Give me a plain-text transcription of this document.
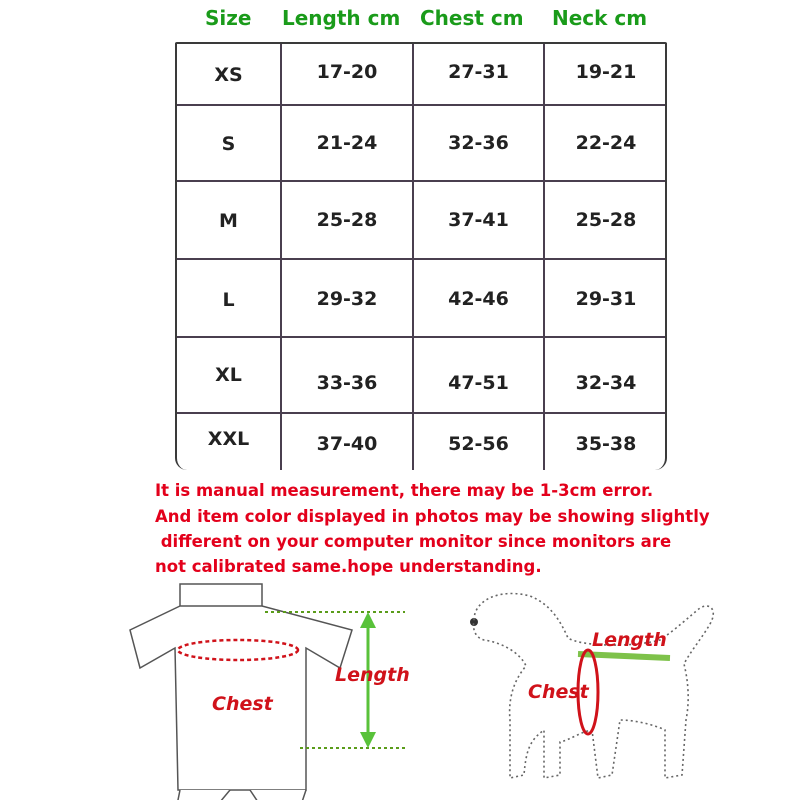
Size Length cm Chest cm Neck cm
XS	17-20	27-31	19-21
S	21-24	32-36	22-24
M	25-28	37-41	25-28
L	29-32	42-46	29-31
XL	33-36	47-51	32-34
XXL	37-40	52-56	35-38
It is manual measurement, there may be 1-3cm error.
And item color displayed in photos may be showing slightly
different on your computer monitor since monitors are
not calibrated same.hope understanding.
Chest
Length
Length
Chest
